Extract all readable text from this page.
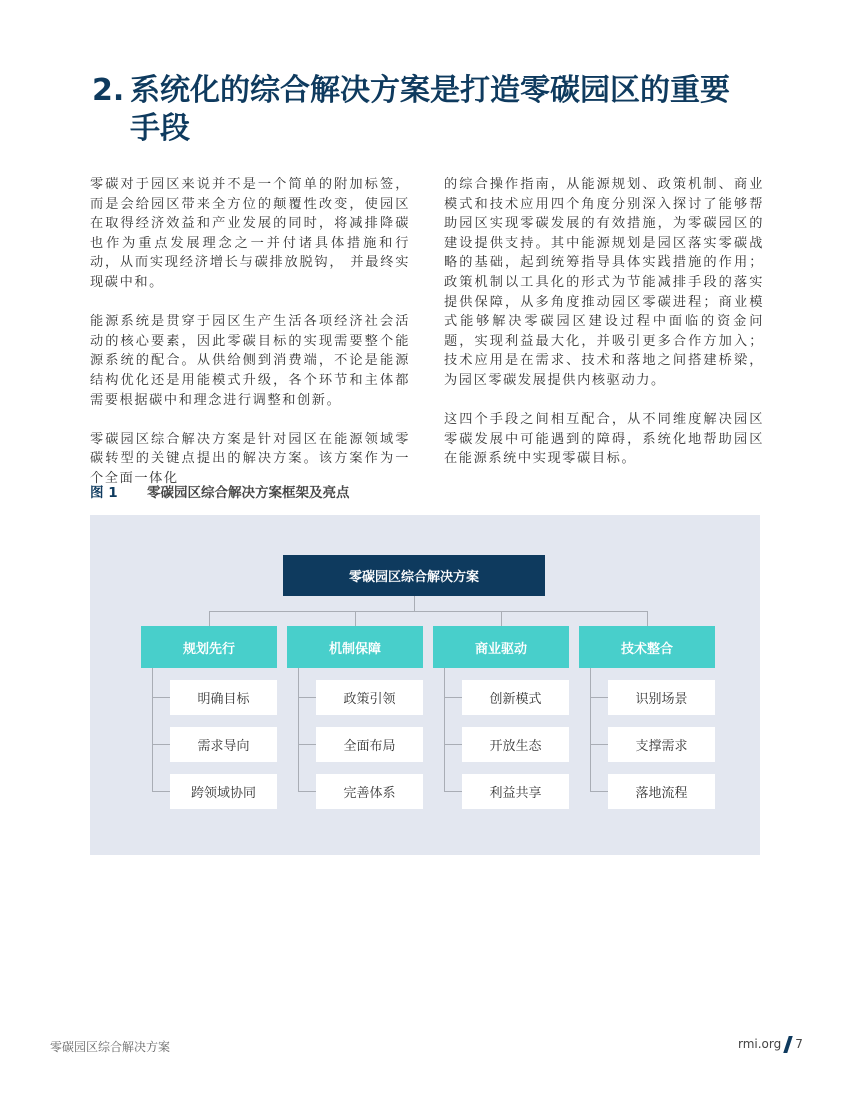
2. 系统化的综合解决方案是打造零碳园区的重要
手段

零碳对于园区来说并不是一个简单的附加标签，而是会给园区带来全方位的颠覆性改变，使园区在取得经济效益和产业发展的同时，将减排降碳也作为重点发展理念之一并付诸具体措施和行动，从而实现经济增长与碳排放脱钩， 并最终实现碳中和。

能源系统是贯穿于园区生产生活各项经济社会活动的核心要素，因此零碳目标的实现需要整个能源系统的配合。从供给侧到消费端，不论是能源结构优化还是用能模式升级，各个环节和主体都需要根据碳中和理念进行调整和创新。

零碳园区综合解决方案是针对园区在能源领域零碳转型的关键点提出的解决方案。该方案作为一个全面一体化

的综合操作指南，从能源规划、政策机制、商业模式和技术应用四个角度分别深入探讨了能够帮助园区实现零碳发展的有效措施，为零碳园区的建设提供支持。其中能源规划是园区落实零碳战略的基础，起到统筹指导具体实践措施的作用；政策机制以工具化的形式为节能减排手段的落实提供保障，从多角度推动园区零碳进程；商业模式能够解决零碳园区建设过程中面临的资金问题，实现利益最大化，并吸引更多合作方加入；技术应用是在需求、技术和落地之间搭建桥梁，为园区零碳发展提供内核驱动力。

这四个手段之间相互配合，从不同维度解决园区零碳发展中可能遇到的障碍，系统化地帮助园区在能源系统中实现零碳目标。

图 1 零碳园区综合解决方案框架及亮点
零碳园区综合解决方案
规划先行
明确目标
需求导向
跨领域协同
机制保障
政策引领
全面布局
完善体系
商业驱动
创新模式
开放生态
利益共享
技术整合
识别场景
支撑需求
落地流程
零碳园区综合解决方案	rmi.org 7
